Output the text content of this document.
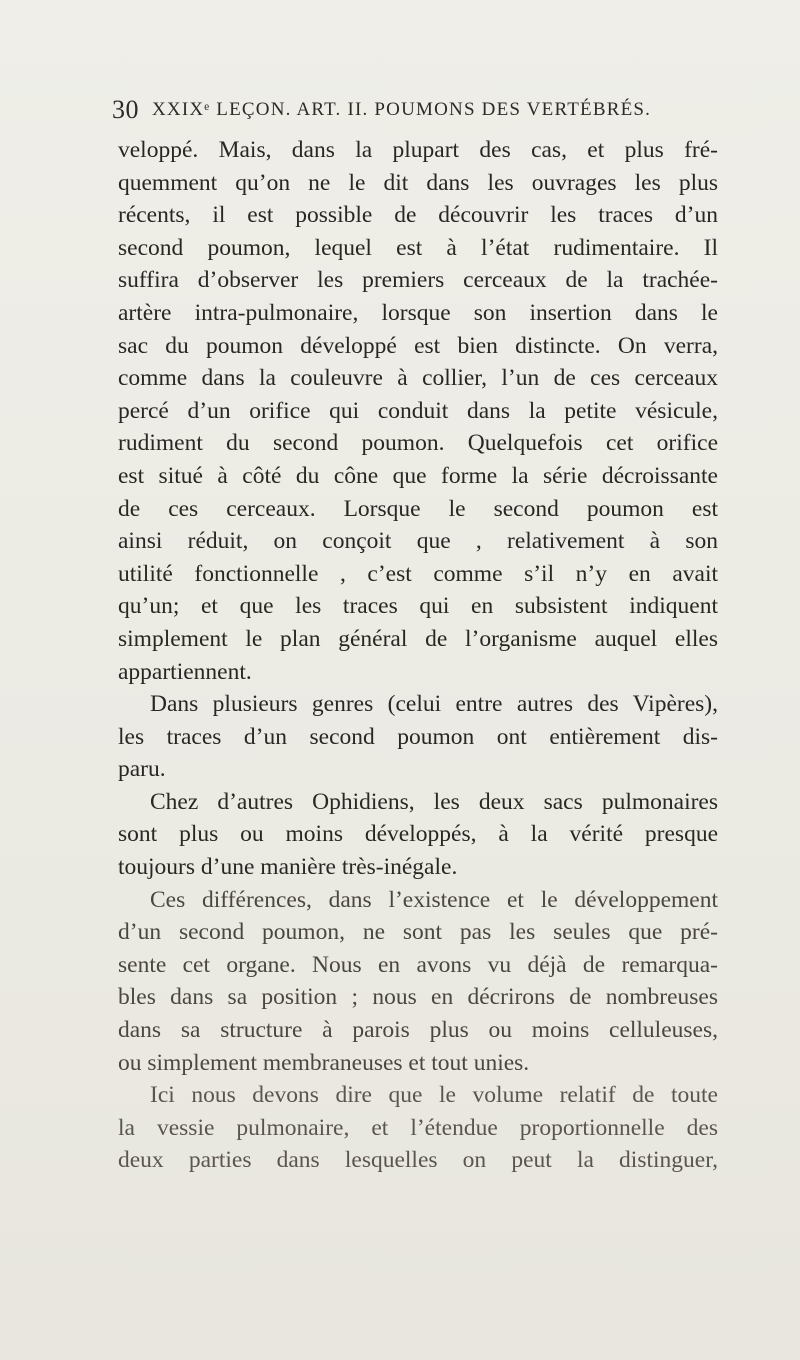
30 XXIXᵉ LEÇON. ART. II. POUMONS DES VERTÉBRÉS.
veloppé. Mais, dans la plupart des cas, et plus fré-
quemment qu’on ne le dit dans les ouvrages les plus
récents, il est possible de découvrir les traces d’un
second poumon, lequel est à l’état rudimentaire. Il
suffira d’observer les premiers cerceaux de la trachée-
artère intra-pulmonaire, lorsque son insertion dans le
sac du poumon développé est bien distincte. On verra,
comme dans la couleuvre à collier, l’un de ces cerceaux
percé d’un orifice qui conduit dans la petite vésicule,
rudiment du second poumon. Quelquefois cet orifice
est situé à côté du cône que forme la série décroissante
de ces cerceaux. Lorsque le second poumon est
ainsi réduit, on conçoit que , relativement à son
utilité fonctionnelle , c’est comme s’il n’y en avait
qu’un; et que les traces qui en subsistent indiquent
simplement le plan général de l’organisme auquel elles
appartiennent.
Dans plusieurs genres (celui entre autres des Vipères),
les traces d’un second poumon ont entièrement dis-
paru.
Chez d’autres Ophidiens, les deux sacs pulmonaires
sont plus ou moins développés, à la vérité presque
toujours d’une manière très-inégale.
Ces différences, dans l’existence et le développement
d’un second poumon, ne sont pas les seules que pré-
sente cet organe. Nous en avons vu déjà de remarqua-
bles dans sa position ; nous en décrirons de nombreuses
dans sa structure à parois plus ou moins celluleuses,
ou simplement membraneuses et tout unies.
Ici nous devons dire que le volume relatif de toute
la vessie pulmonaire, et l’étendue proportionnelle des
deux parties dans lesquelles on peut la distinguer,
